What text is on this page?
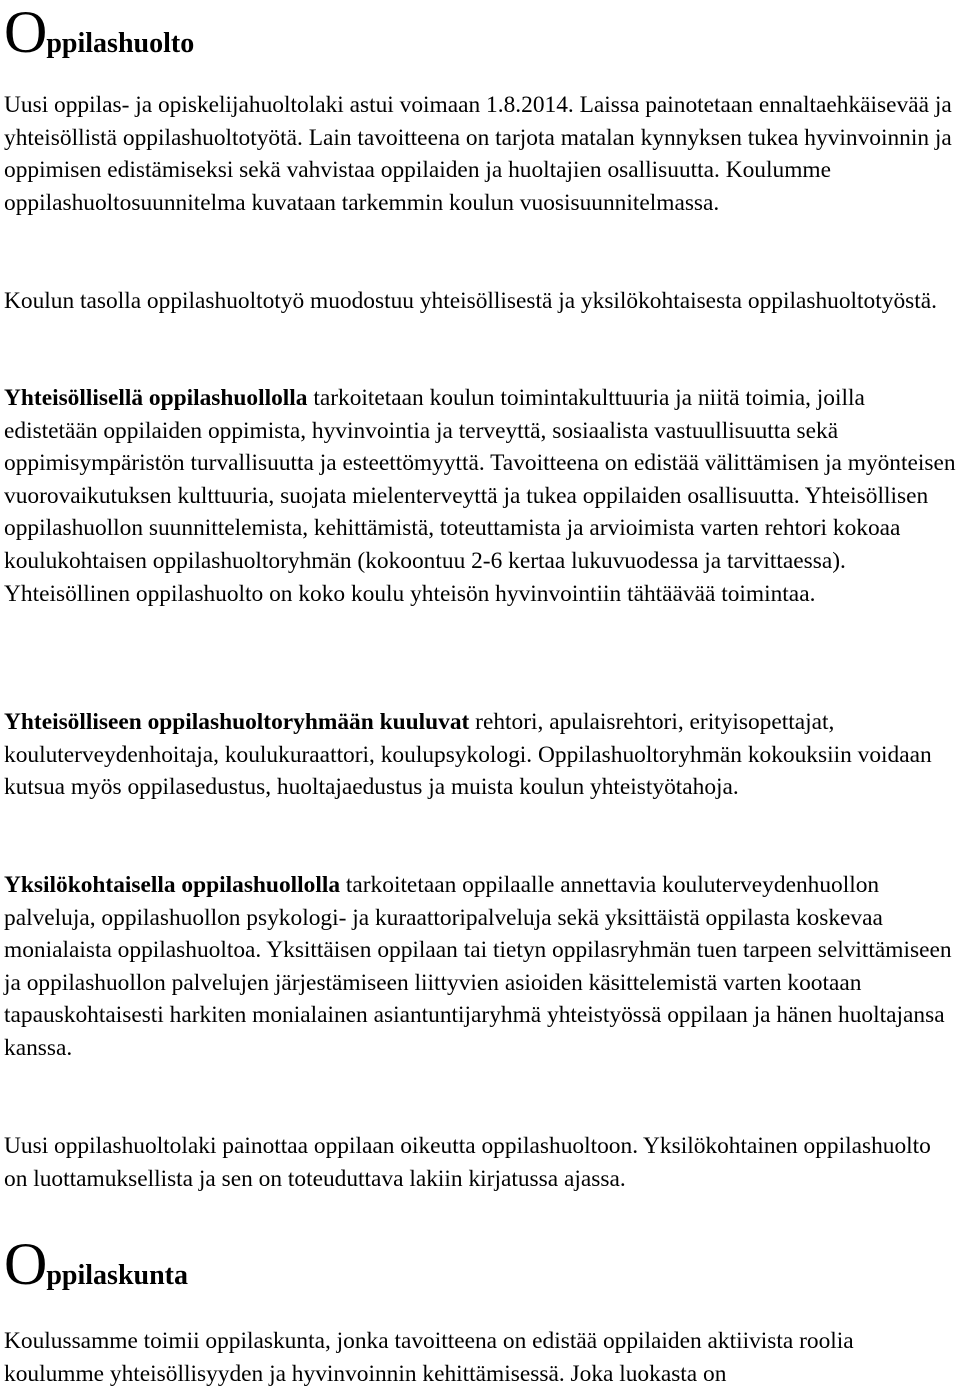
Oppilashuolto

Uusi oppilas- ja opiskelijahuoltolaki astui voimaan 1.8.2014. Laissa painotetaan ennaltaehkäisevää ja yhteisöllistä oppilashuoltotyötä. Lain tavoitteena on tarjota matalan kynnyksen tukea hyvinvoinnin ja oppimisen edistämiseksi sekä vahvistaa oppilaiden ja huoltajien osallisuutta. Koulumme oppilashuoltosuunnitelma kuvataan tarkemmin koulun vuosisuunnitelmassa.

Koulun tasolla oppilashuoltotyö muodostuu yhteisöllisestä ja yksilökohtaisesta oppilashuoltotyöstä.

Yhteisöllisellä oppilashuollolla tarkoitetaan koulun toimintakulttuuria ja niitä toimia, joilla edistetään oppilaiden oppimista, hyvinvointia ja terveyttä, sosiaalista vastuullisuutta sekä oppimisympäristön turvallisuutta ja esteettömyyttä. Tavoitteena on edistää välittämisen ja myönteisen vuorovaikutuksen kulttuuria, suojata mielenterveyttä ja tukea oppilaiden osallisuutta. Yhteisöllisen oppilashuollon suunnittelemista, kehittämistä, toteuttamista ja arvioimista varten rehtori kokoaa koulukohtaisen oppilashuoltoryhmän (kokoontuu 2-6 kertaa lukuvuodessa ja tarvittaessa). Yhteisöllinen oppilashuolto on koko koulu yhteisön hyvinvointiin tähtäävää toimintaa.

Yhteisölliseen oppilashuoltoryhmään kuuluvat rehtori, apulaisrehtori, erityisopettajat, kouluterveydenhoitaja, koulukuraattori, koulupsykologi. Oppilashuoltoryhmän kokouksiin voidaan kutsua myös oppilasedustus, huoltajaedustus ja muista koulun yhteistyötahoja.

Yksilökohtaisella oppilashuollolla tarkoitetaan oppilaalle annettavia kouluterveydenhuollon palveluja, oppilashuollon psykologi- ja kuraattoripalveluja sekä yksittäistä oppilasta koskevaa monialaista oppilashuoltoa. Yksittäisen oppilaan tai tietyn oppilasryhmän tuen tarpeen selvittämiseen ja oppilashuollon palvelujen järjestämiseen liittyvien asioiden käsittelemistä varten kootaan tapauskohtaisesti harkiten monialainen asiantuntijaryhmä yhteistyössä oppilaan ja hänen huoltajansa kanssa.

Uusi oppilashuoltolaki painottaa oppilaan oikeutta oppilashuoltoon. Yksilökohtainen oppilashuolto on luottamuksellista ja sen on toteuduttava lakiin kirjatussa ajassa.

Oppilaskunta

Koulussamme toimii oppilaskunta, jonka tavoitteena on edistää oppilaiden aktiivista roolia koulumme yhteisöllisyyden ja hyvinvoinnin kehittämisessä. Joka luokasta on
